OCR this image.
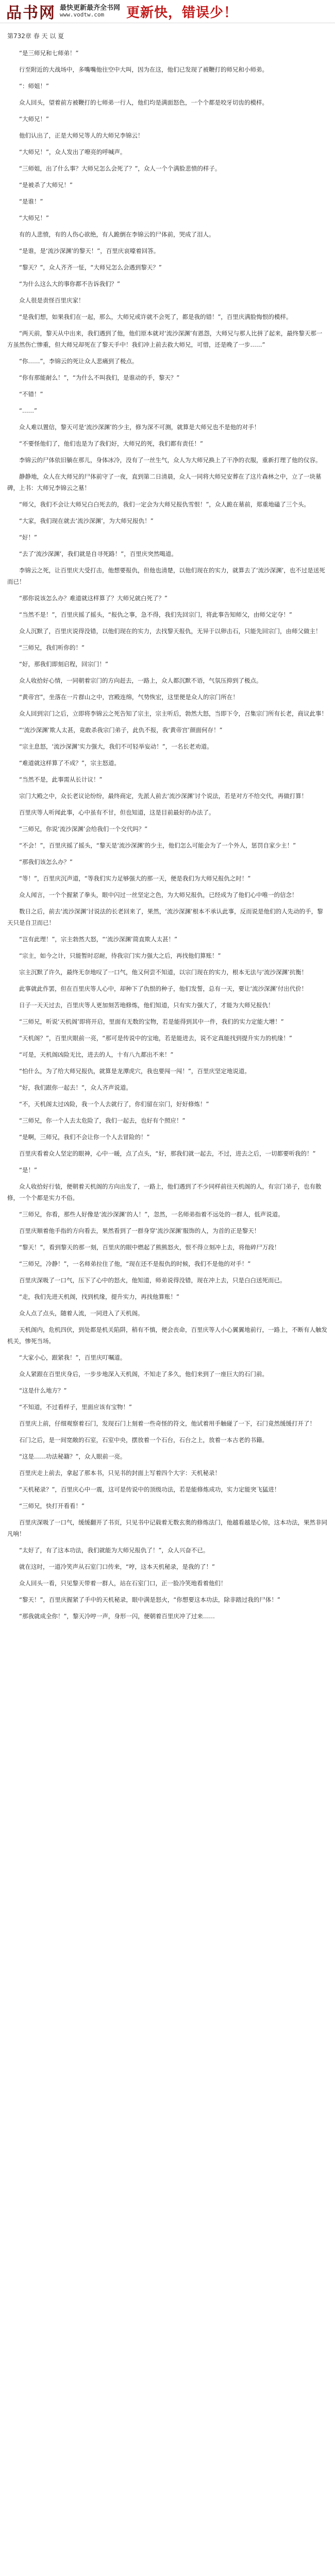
品书网 最快更新最齐全书网
www.vodtw.com	更新快，错误少！
第732章 春 天 以 夏

“是三师兄和七师弟！”

行至附近的大战场中，多嘴嘴他往空中大叫，因为在这，他们已发现了被鞭打的师兄和小师弟。

“：师姐！”

众人回头，望着前方被鞭打的七师弟一行人，他们均是满面怒色，一个个都是咬牙切齿的模样。

“大师兄！”

他们认出了，正是大师兄等人的大师兄李锦云！

“大师兄！”，众人发出了嘹亮的呼喊声。

“三师姐，出了什么事？大师兄怎么会死了？”，众人一个个满脸悲愤的样子。

“是被杀了大师兄！”

“是谁！”

“大师兄！”

有的人悲愤，有的人伤心欲绝，有人跪倒在李锦云的尸体前，哭成了泪人。

“是谁，是‘流沙深渊’的黎天！”，百里庆哀嚎着回答。

“黎天？”，众人齐齐一怔，“大师兄怎么会遇到黎天？”

“为什么这么大的事你都不告诉我们？”

众人很是责怪百里庆家！

“是我们想，如果我们在一起，那么，大师兄或许就不会死了，都是我的错！”，百里庆满脸悔恨的模样。

“两天前，黎天从中出来，我们遇到了他，他们原本就对‘流沙深渊’有恩怨，大师兄与那人比拼了起来，最终黎天那一方虽然伤亡惨重，但大师兄却死在了黎天手中！我们冲上前去救大师兄，可惜，还是晚了一步……”

“你……”，李锦云的死让众人悲痛到了极点。

“你有那能耐么！”，“为什么不叫我们，是谁动的手，黎天？”

“不错！”

“……”

众人难以置信，黎天可是‘流沙深渊’的少主，修为深不可测，就算是大师兄也不是他的对手！

“不要怪他们了，他们也是为了我们好，大师兄的死，我们都有责任！”

李锦云的尸体依旧躺在那儿，身体冰冷，没有了一丝生气，众人为大师兄换上了干净的衣服，重新打理了他的仪容。

静静地，众人在大师兄的尸体前守了一夜，直到第二日清晨，众人一同将大师兄安葬在了这片森林之中，立了一块墓碑，上书：大师兄李锦云之墓！

“师父，我们不会让大师兄白白死去的，我们一定会为大师兄报仇雪恨！”，众人跪在墓前，郑重地磕了三个头。

“大家，我们现在就去‘流沙深渊’，为大师兄报仇！”

“好！”

“去了‘流沙深渊’，我们就是自寻死路！”，百里庆突然喝道。

李锦云之死，让百里庆大受打击，他想要报仇，但他也清楚，以他们现在的实力，就算去了‘流沙深渊’，也不过是送死而已！

“那你说该怎么办？难道就这样算了？大师兄就白死了？”

“当然不是！”，百里庆摇了摇头，“报仇之事，急不得，我们先回宗门，将此事告知师父，由师父定夺！”

众人沉默了，百里庆说得没错，以他们现在的实力，去找黎天报仇，无异于以卵击石，只能先回宗门，由师父做主！

“三师兄，我们听你的！”

“好，那我们即刻启程，回宗门！”

众人收拾好心情，一同朝着宗门的方向赶去，一路上，众人都沉默不语，气氛压抑到了极点。

“黄帝宫”，坐落在一片群山之中，宫殿连绵，气势恢宏，这里便是众人的宗门所在！

众人回到宗门之后，立即将李锦云之死告知了宗主，宗主听后，勃然大怒，当即下令，召集宗门所有长老，商议此事！

“‘流沙深渊’欺人太甚，竟敢杀我宗门弟子，此仇不报，我‘黄帝宫’颜面何存！”

“宗主息怒，‘流沙深渊’实力强大，我们不可轻举妄动！”，一名长老劝道。

“难道就这样算了不成？”，宗主怒道。

“当然不是，此事需从长计议！”

宗门大殿之中，众长老议论纷纷，最终商定，先派人前去‘流沙深渊’讨个说法，若是对方不给交代，再做打算！

百里庆等人听闻此事，心中虽有不甘，但也知道，这是目前最好的办法了。

“三师兄，你说‘流沙深渊’会给我们一个交代吗？”

“不会！”，百里庆摇了摇头，“黎天是‘流沙深渊’的少主，他们怎么可能会为了一个外人，惩罚自家少主！”

“那我们该怎么办？”

“等！”，百里庆沉声道，“等我们实力足够强大的那一天，便是我们为大师兄报仇之时！”

众人闻言，一个个握紧了拳头，眼中闪过一丝坚定之色，为大师兄报仇，已经成为了他们心中唯一的信念！

数日之后，前去‘流沙深渊’讨说法的长老回来了，果然，‘流沙深渊’根本不承认此事，反而说是他们的人先动的手，黎天只是自卫而已！

“岂有此理！”，宗主勃然大怒，“‘流沙深渊’简直欺人太甚！”

“宗主，如今之计，只能暂时忍耐，待我宗门实力强大之后，再找他们算账！”

宗主沉默了许久，最终无奈地叹了一口气，他又何尝不知道，以宗门现在的实力，根本无法与‘流沙深渊’抗衡！

此事就此作罢，但在百里庆等人心中，却种下了仇恨的种子，他们发誓，总有一天，要让‘流沙深渊’付出代价！

日子一天天过去，百里庆等人更加刻苦地修炼，他们知道，只有实力强大了，才能为大师兄报仇！

“三师兄，听说‘天机阁’即将开启，里面有无数的宝物，若是能得到其中一件，我们的实力定能大增！”

“天机阁？”，百里庆眼前一亮，“那可是传说中的宝地，若是能进去，说不定真能找到提升实力的机缘！”

“可是，天机阁凶险无比，进去的人，十有八九都出不来！”

“怕什么，为了给大师兄报仇，就算是龙潭虎穴，我也要闯一闯！”，百里庆坚定地说道。

“好，我们跟你一起去！”，众人齐声说道。

“不，天机阁太过凶险，我一个人去就行了，你们留在宗门，好好修炼！”

“三师兄，你一个人去太危险了，我们一起去，也好有个照应！”

“是啊，三师兄，我们不会让你一个人去冒险的！”

百里庆看着众人坚定的眼神，心中一暖，点了点头，“好，那我们就一起去，不过，进去之后，一切都要听我的！”

“是！”

众人收拾好行装，便朝着天机阁的方向出发了，一路上，他们遇到了不少同样前往天机阁的人，有宗门弟子，也有散修，一个个都是实力不俗。

“三师兄，你看，那些人好像是‘流沙深渊’的人！”，忽然，一名师弟指着不远处的一群人，低声说道。

百里庆顺着他手指的方向看去，果然看到了一群身穿‘流沙深渊’服饰的人，为首的正是黎天！

“黎天！”，看到黎天的那一刻，百里庆的眼中燃起了熊熊怒火，恨不得立刻冲上去，将他碎尸万段！

“三师兄，冷静！”，一名师弟拉住了他，“现在还不是报仇的时候，我们不是他的对手！”

百里庆深吸了一口气，压下了心中的怒火，他知道，师弟说得没错，现在冲上去，只是白白送死而已。

“走，我们先进天机阁，找到机缘，提升实力，再找他算账！”

众人点了点头，随着人流，一同进入了天机阁。

天机阁内，危机四伏，到处都是机关陷阱，稍有不慎，便会丧命，百里庆等人小心翼翼地前行，一路上，不断有人触发机关，惨死当场。

“大家小心，跟紧我！”，百里庆叮嘱道。

众人紧跟在百里庆身后，一步步地深入天机阁，不知走了多久，他们来到了一座巨大的石门前。

“这是什么地方？”

“不知道，不过看样子，里面应该有宝物！”

百里庆上前，仔细观察着石门，发现石门上刻着一些奇怪的符文，他试着用手触碰了一下，石门竟然缓缓打开了！

石门之后，是一间宽敞的石室，石室中央，摆放着一个石台，石台之上，放着一本古老的书籍。

“这是……功法秘籍？”，众人眼前一亮。

百里庆走上前去，拿起了那本书，只见书的封面上写着四个大字：天机秘录！

“天机秘录？”，百里庆心中一震，这可是传说中的顶级功法，若是能修炼成功，实力定能突飞猛进！

“三师兄，快打开看看！”

百里庆深吸了一口气，缓缓翻开了书页，只见书中记载着无数玄奥的修炼法门，他越看越是心惊，这本功法，果然非同凡响！

“太好了，有了这本功法，我们就能为大师兄报仇了！”，众人兴奋不已。

就在这时，一道冷笑声从石室门口传来，“哼，这本天机秘录，是我的了！”

众人回头一看，只见黎天带着一群人，站在石室门口，正一脸冷笑地看着他们！

“黎天！”，百里庆握紧了手中的天机秘录，眼中满是怒火，“你想要这本功法，除非踏过我的尸体！”

“那我就成全你！”，黎天冷哼一声，身形一闪，便朝着百里庆冲了过来……
